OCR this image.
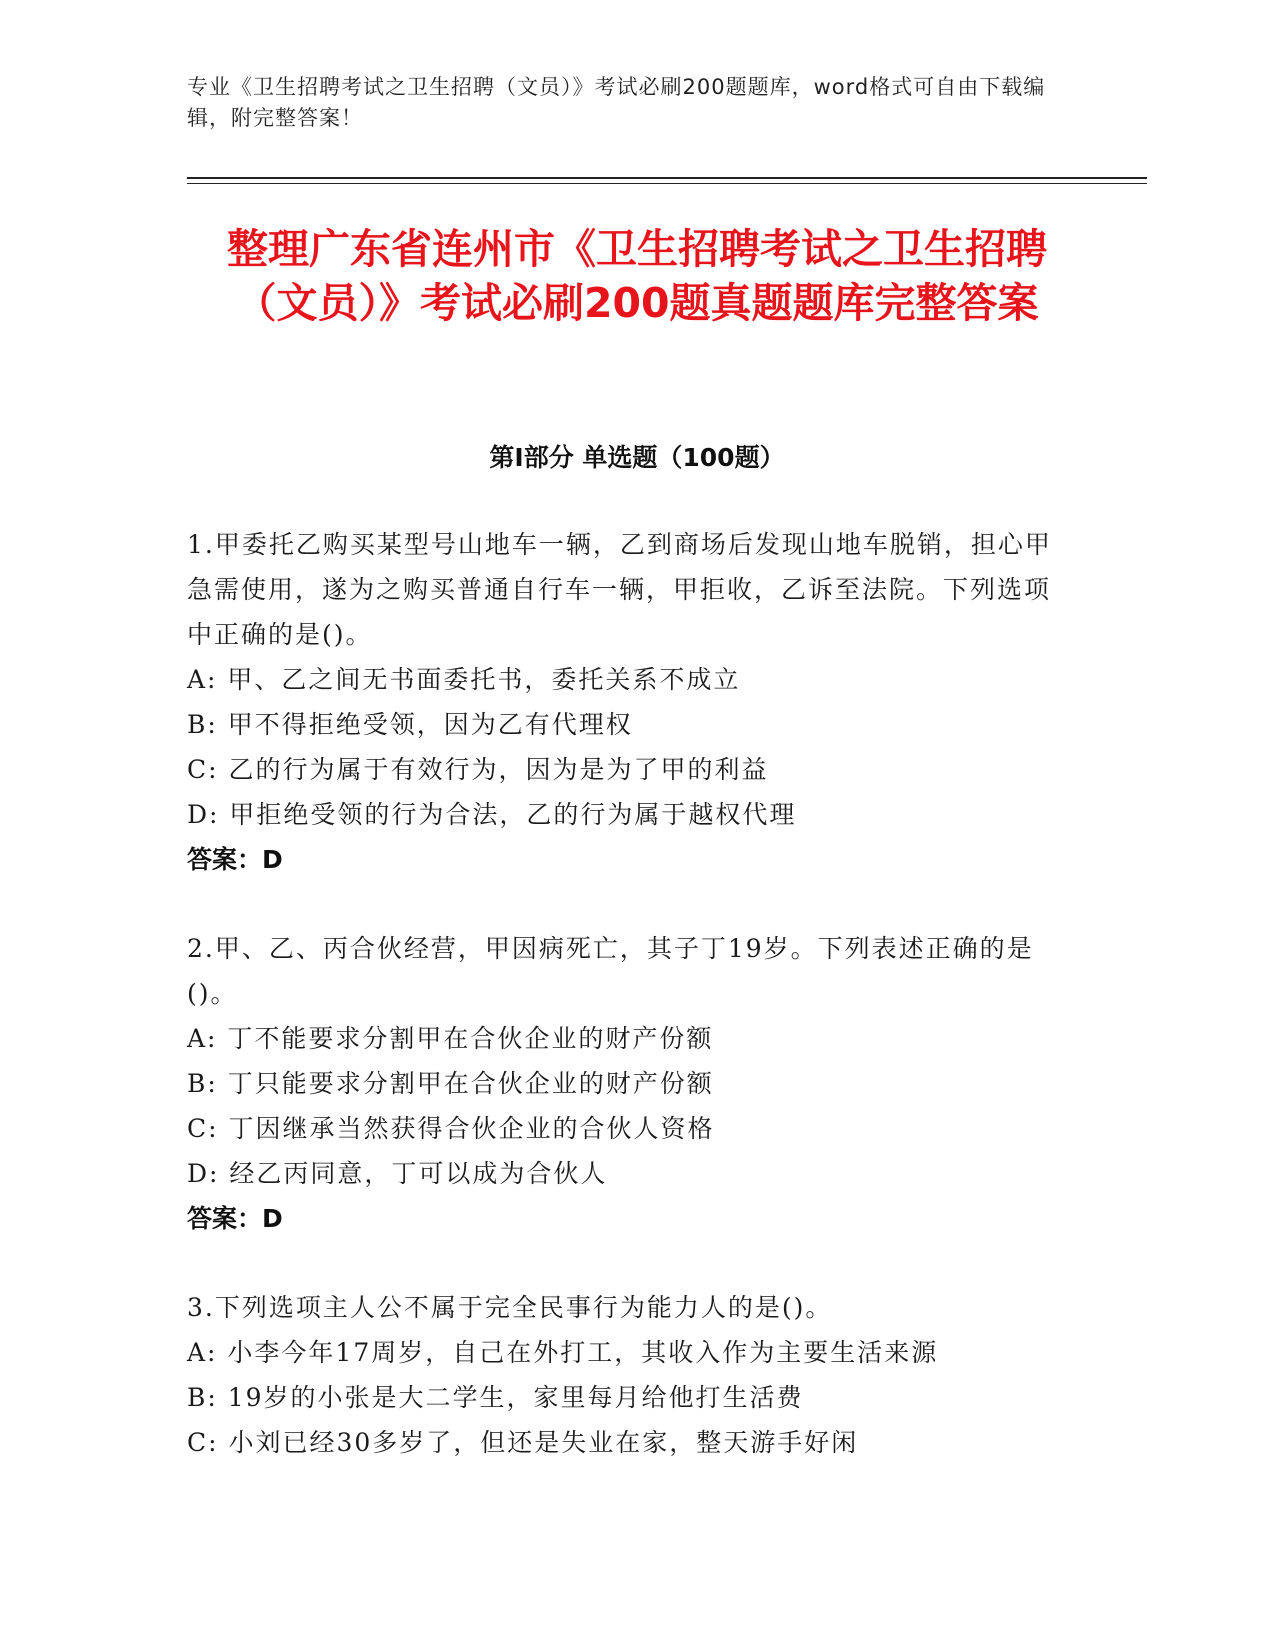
专业《卫生招聘考试之卫生招聘（文员）》考试必刷200题题库，word格式可自由下载编辑，附完整答案！
整理广东省连州市《卫生招聘考试之卫生招聘（文员）》考试必刷200题真题题库完整答案
第Ⅰ部分 单选题（100题）
1.甲委托乙购买某型号山地车一辆，乙到商场后发现山地车脱销，担心甲急需使用，遂为之购买普通自行车一辆，甲拒收，乙诉至法院。下列选项中正确的是()。
A: 甲、乙之间无书面委托书，委托关系不成立
B: 甲不得拒绝受领，因为乙有代理权
C: 乙的行为属于有效行为，因为是为了甲的利益
D: 甲拒绝受领的行为合法，乙的行为属于越权代理
答案：D
2.甲、乙、丙合伙经营，甲因病死亡，其子丁19岁。下列表述正确的是()。
A: 丁不能要求分割甲在合伙企业的财产份额
B: 丁只能要求分割甲在合伙企业的财产份额
C: 丁因继承当然获得合伙企业的合伙人资格
D: 经乙丙同意，丁可以成为合伙人
答案：D
3.下列选项主人公不属于完全民事行为能力人的是()。
A: 小李今年17周岁，自己在外打工，其收入作为主要生活来源
B: 19岁的小张是大二学生，家里每月给他打生活费
C: 小刘已经30多岁了，但还是失业在家，整天游手好闲
